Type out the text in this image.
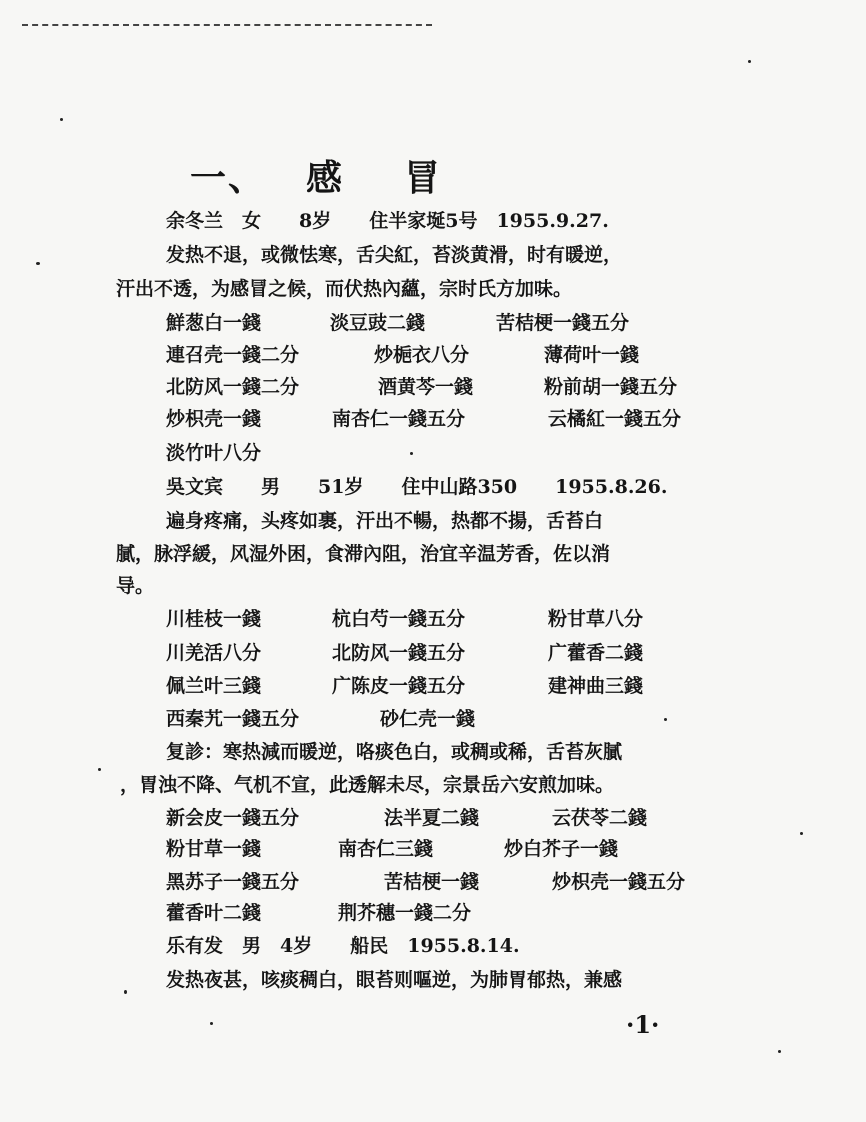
一、 感 冒
余冬兰　女　　8岁　　住半家埏5号　1955.9.27.
发热不退，或微怯寒，舌尖紅，苔淡黄滑，时有暖逆，
汗出不透，为感冒之候，而伏热內蘊，宗时氏方加味。
鮮葱白一錢	淡豆豉二錢	苦桔梗一錢五分
連召壳一錢二分	炒梔衣八分	薄荷叶一錢
北防风一錢二分	酒黄芩一錢	粉前胡一錢五分
炒枳壳一錢	南杏仁一錢五分	云橘紅一錢五分
淡竹叶八分
吳文宾　　男　　51岁　　住中山路350　　1955.8.26.
遍身疼痛，头疼如裹，汗出不暢，热都不揚，舌苔白
膩，脉浮緩，风湿外困，食滞內阻，治宜辛温芳香，佐以消
导。
川桂枝一錢	杭白芍一錢五分	粉甘草八分
川羌活八分	北防风一錢五分	广藿香二錢
佩兰叶三錢	广陈皮一錢五分	建神曲三錢
西秦艽一錢五分	砂仁壳一錢
复診：寒热減而暖逆，咯痰色白，或稠或稀，舌苔灰膩
，胃浊不降、气机不宣，此透解未尽，宗景岳六安煎加味。
新会皮一錢五分	法半夏二錢	云茯苓二錢
粉甘草一錢	南杏仁三錢	炒白芥子一錢
黑苏子一錢五分	苦桔梗一錢	炒枳壳一錢五分
藿香叶二錢	荆芥穗一錢二分
乐有发　男　4岁　　船民　1955.8.14.
发热夜甚，咳痰稠白，眼苔则嘔逆，为肺胃郁热，兼感
·1·
